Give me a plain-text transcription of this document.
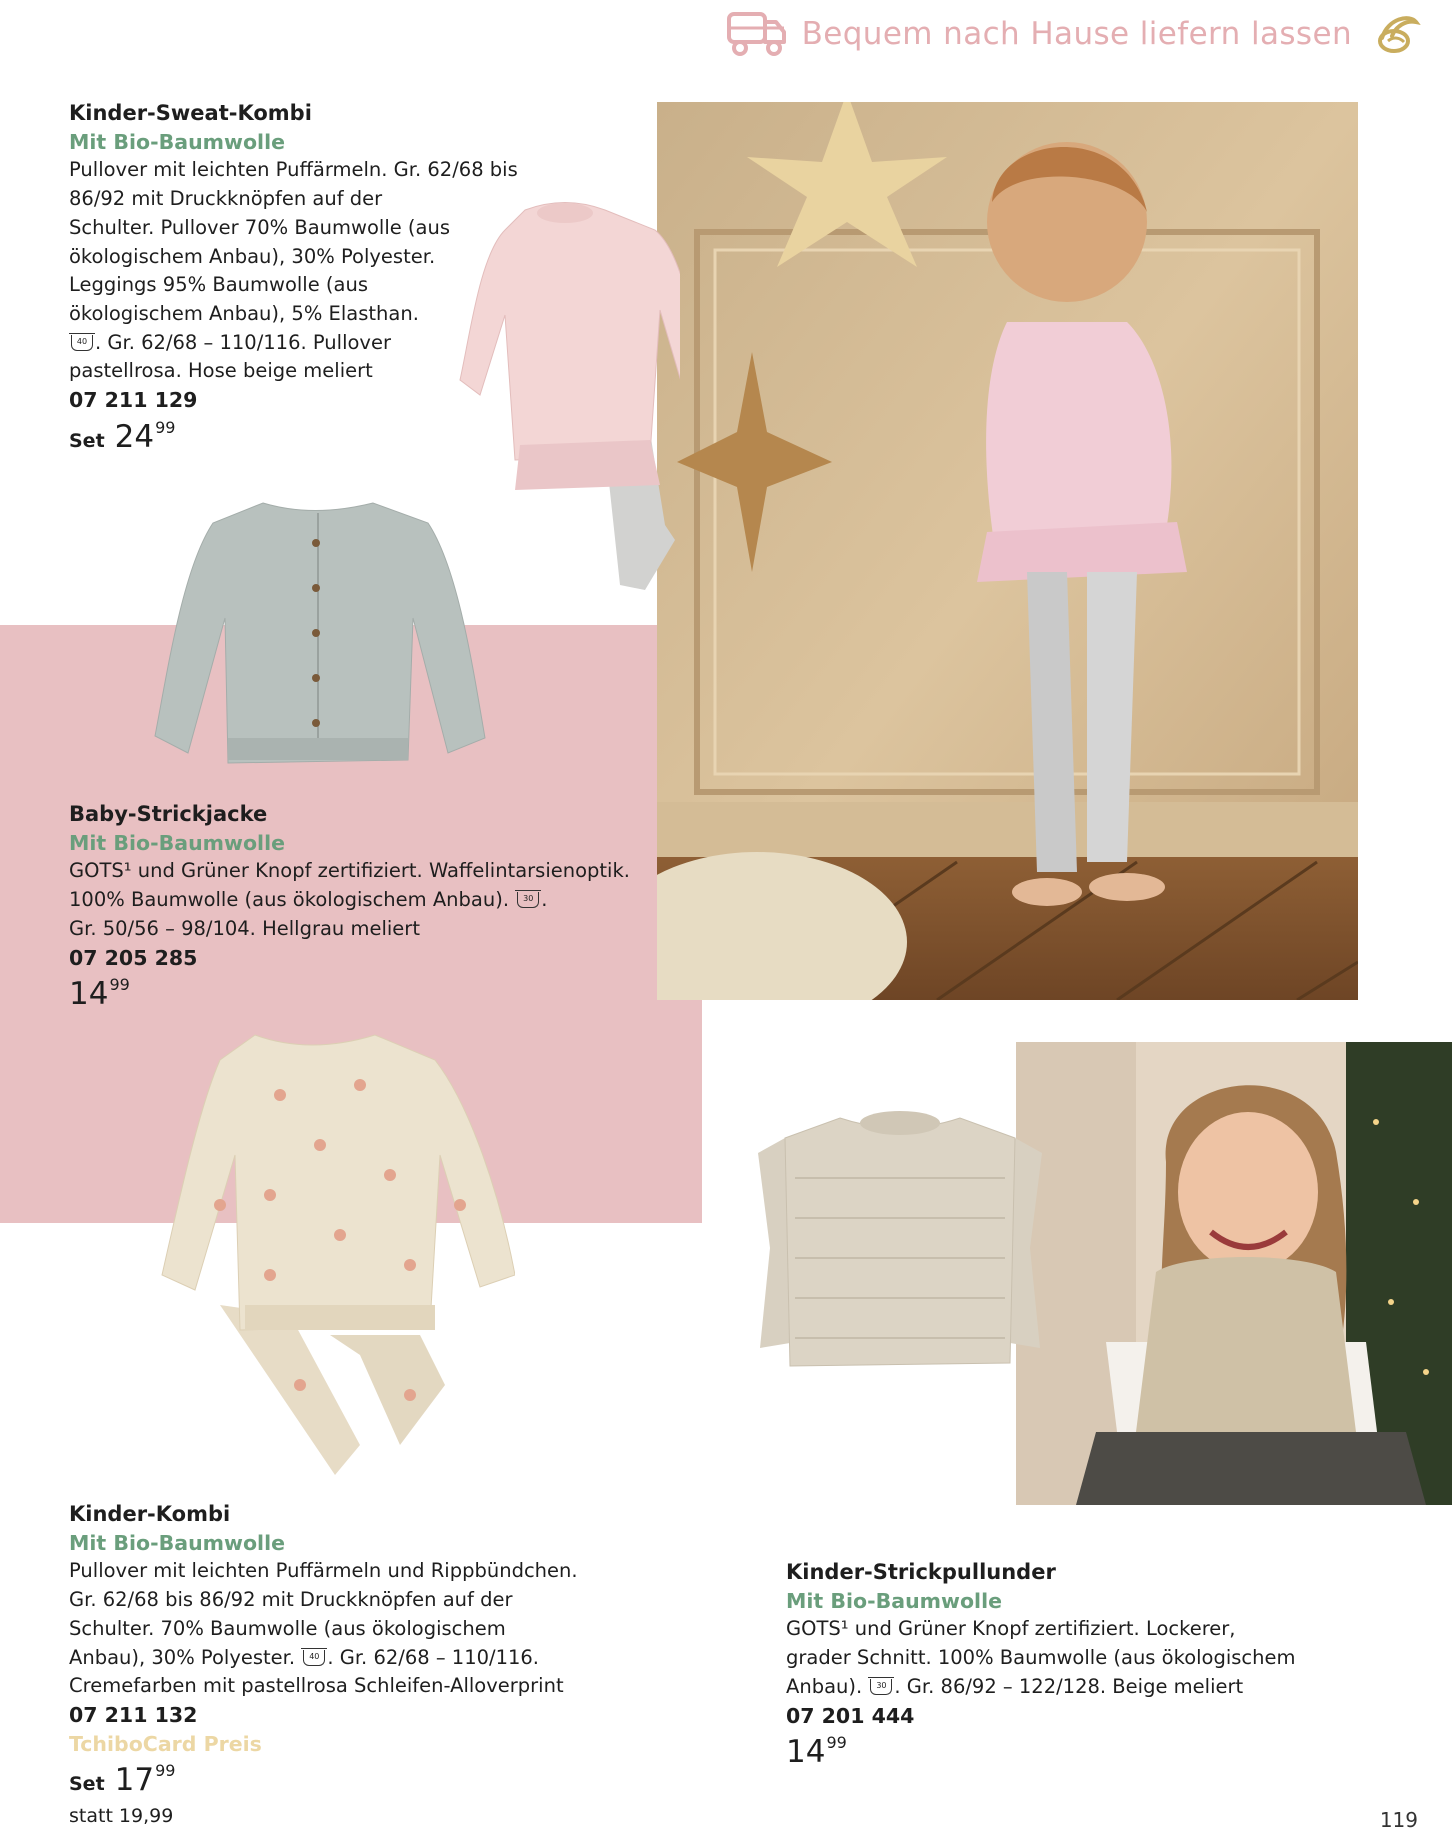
Bequem nach Hause liefern lassen
Kinder-Sweat-Kombi
Mit Bio-Baumwolle
Pullover mit leichten Puffärmeln. Gr. 62/68 bis
86/92 mit Druckknöpfen auf der
Schulter. Pullover 70% Baumwolle (aus
ökologischem Anbau), 30% Polyester.
Leggings 95% Baumwolle (aus
ökologischem Anbau), 5% Elasthan.
40 . Gr. 62/68 – 110/116. Pullover
pastellrosa. Hose beige meliert
07 211 129
Set 24 99
Baby-Strickjacke
Mit Bio-Baumwolle
GOTS¹ und Grüner Knopf zertifiziert. Waffelintarsienoptik.
100% Baumwolle (aus ökologischem Anbau).	30 .
Gr. 50/56 – 98/104. Hellgrau meliert
07 205 285
14 99
Kinder-Kombi
Mit Bio-Baumwolle
Pullover mit leichten Puffärmeln und Rippbündchen.
Gr. 62/68 bis 86/92 mit Druckknöpfen auf der
Schulter. 70% Baumwolle (aus ökologischem
Anbau), 30% Polyester.	40 . Gr. 62/68 – 110/116.
Cremefarben mit pastellrosa Schleifen-Alloverprint
07 211 132
TchiboCard Preis
Set 17 99
statt 19,99
Kinder-Strickpullunder
Mit Bio-Baumwolle
GOTS¹ und Grüner Knopf zertifiziert. Lockerer,
grader Schnitt. 100% Baumwolle (aus ökologischem
Anbau).	30 . Gr. 86/92 – 122/128. Beige meliert
07 201 444
14 99
119
